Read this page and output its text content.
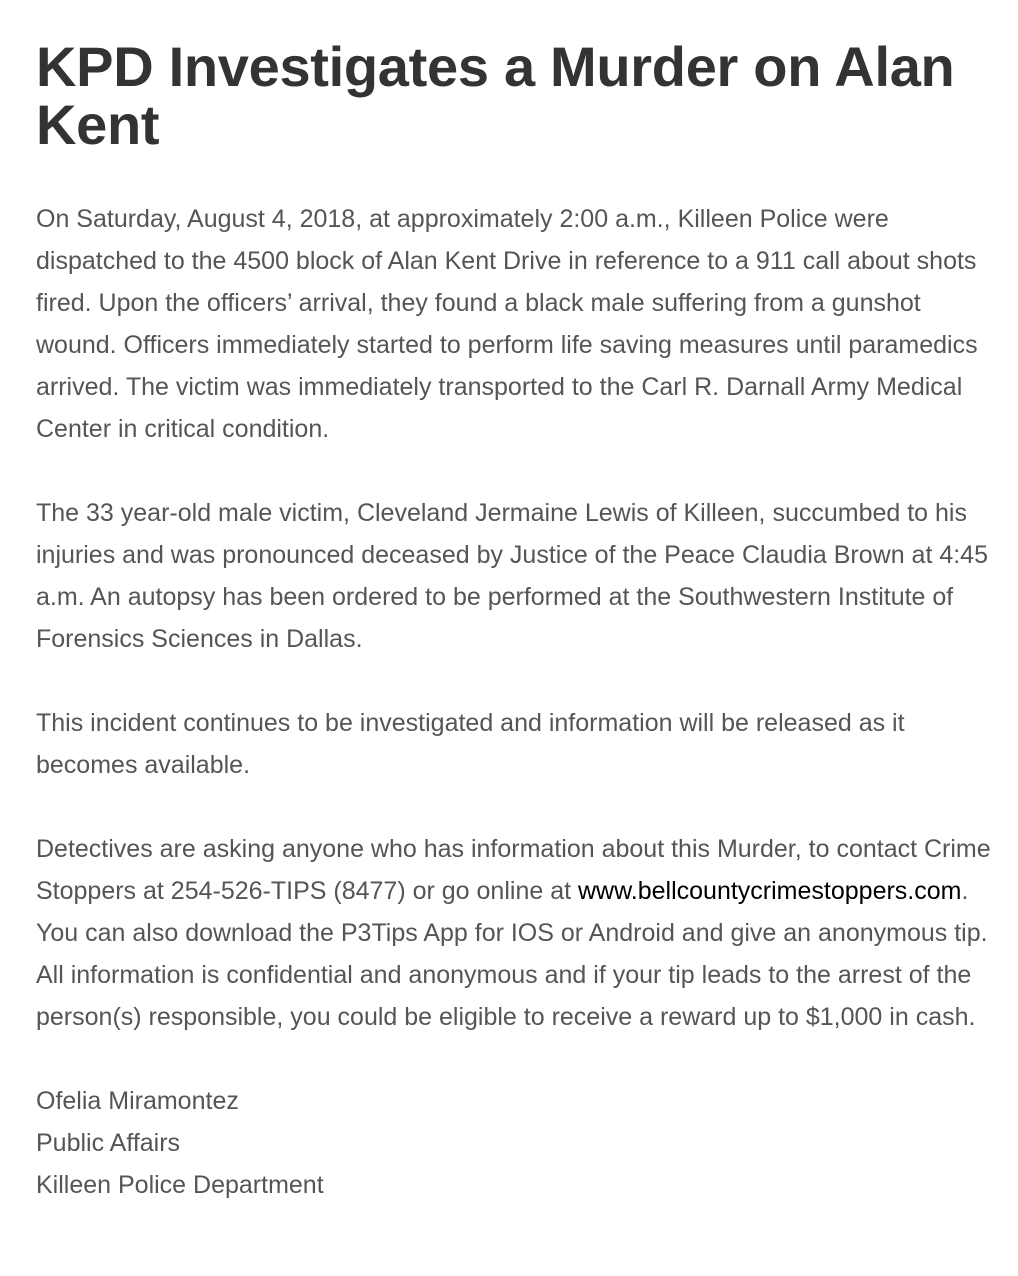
KPD Investigates a Murder on Alan Kent

On Saturday, August 4, 2018, at approximately 2:00 a.m., Killeen Police were dispatched to the 4500 block of Alan Kent Drive in reference to a 911 call about shots fired. Upon the officers’ arrival, they found a black male suffering from a gunshot wound. Officers immediately started to perform life saving measures until paramedics arrived. The victim was immediately transported to the Carl R. Darnall Army Medical Center in critical condition.

The 33 year-old male victim, Cleveland Jermaine Lewis of Killeen, succumbed to his injuries and was pronounced deceased by Justice of the Peace Claudia Brown at 4:45 a.m. An autopsy has been ordered to be performed at the Southwestern Institute of Forensics Sciences in Dallas.

This incident continues to be investigated and information will be released as it becomes available.

Detectives are asking anyone who has information about this Murder, to contact Crime Stoppers at 254-526-TIPS (8477) or go online at www.bellcountycrimestoppers.com. You can also download the P3Tips App for IOS or Android and give an anonymous tip. All information is confidential and anonymous and if your tip leads to the arrest of the person(s) responsible, you could be eligible to receive a reward up to $1,000 in cash.

Ofelia Miramontez

Public Affairs

Killeen Police Department
